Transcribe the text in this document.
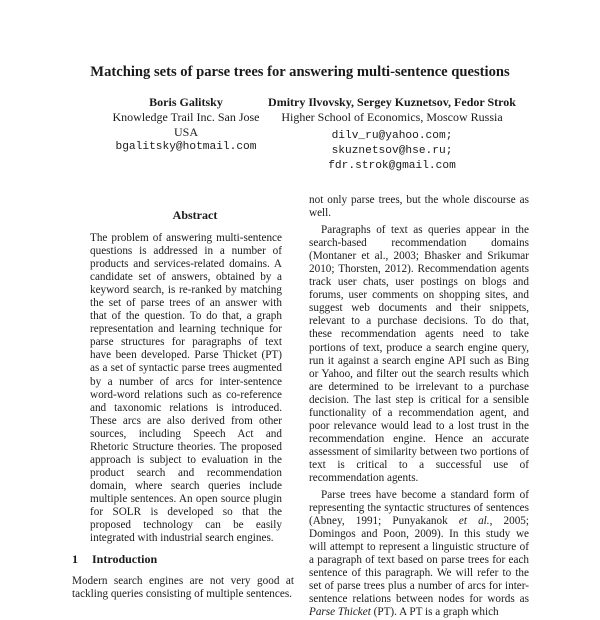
Matching sets of parse trees for answering multi-sentence questions
Boris Galitsky
Knowledge Trail Inc. San Jose
USA
bgalitsky@hotmail.com
Dmitry Ilvovsky, Sergey Kuznetsov, Fedor Strok
Higher School of Economics, Moscow Russia
dilv_ru@yahoo.com;
skuznetsov@hse.ru;
fdr.strok@gmail.com
Abstract
The problem of answering multi-sentence questions is addressed in a number of products and services-related domains. A candidate set of answers, obtained by a keyword search, is re-ranked by matching the set of parse trees of an answer with that of the question. To do that, a graph representation and learning technique for parse structures for paragraphs of text have been developed. Parse Thicket (PT) as a set of syntactic parse trees augmented by a number of arcs for inter-sentence word-word relations such as co-reference and taxonomic relations is introduced. These arcs are also derived from other sources, including Speech Act and Rhetoric Structure theories. The proposed approach is subject to evaluation in the product search and recommendation domain, where search queries include multiple sentences. An open source plugin for SOLR is developed so that the proposed technology can be easily integrated with industrial search engines.
1 Introduction
Modern search engines are not very good at tackling queries consisting of multiple sentences.

not only parse trees, but the whole discourse as well.

Paragraphs of text as queries appear in the search-based recommendation domains (Montaner et al., 2003; Bhasker and Srikumar 2010; Thorsten, 2012). Recommendation agents track user chats, user postings on blogs and forums, user comments on shopping sites, and suggest web documents and their snippets, relevant to a purchase decisions. To do that, these recommendation agents need to take portions of text, produce a search engine query, run it against a search engine API such as Bing or Yahoo, and filter out the search results which are determined to be irrelevant to a purchase decision. The last step is critical for a sensible functionality of a recommendation agent, and poor relevance would lead to a lost trust in the recommendation engine. Hence an accurate assessment of similarity between two portions of text is critical to a successful use of recommendation agents.

Parse trees have become a standard form of representing the syntactic structures of sentences (Abney, 1991; Punyakanok et al., 2005; Domingos and Poon, 2009). In this study we will attempt to represent a linguistic structure of a paragraph of text based on parse trees for each sentence of this paragraph. We will refer to the set of parse trees plus a number of arcs for inter-sentence relations between nodes for words as Parse Thicket (PT). A PT is a graph which
